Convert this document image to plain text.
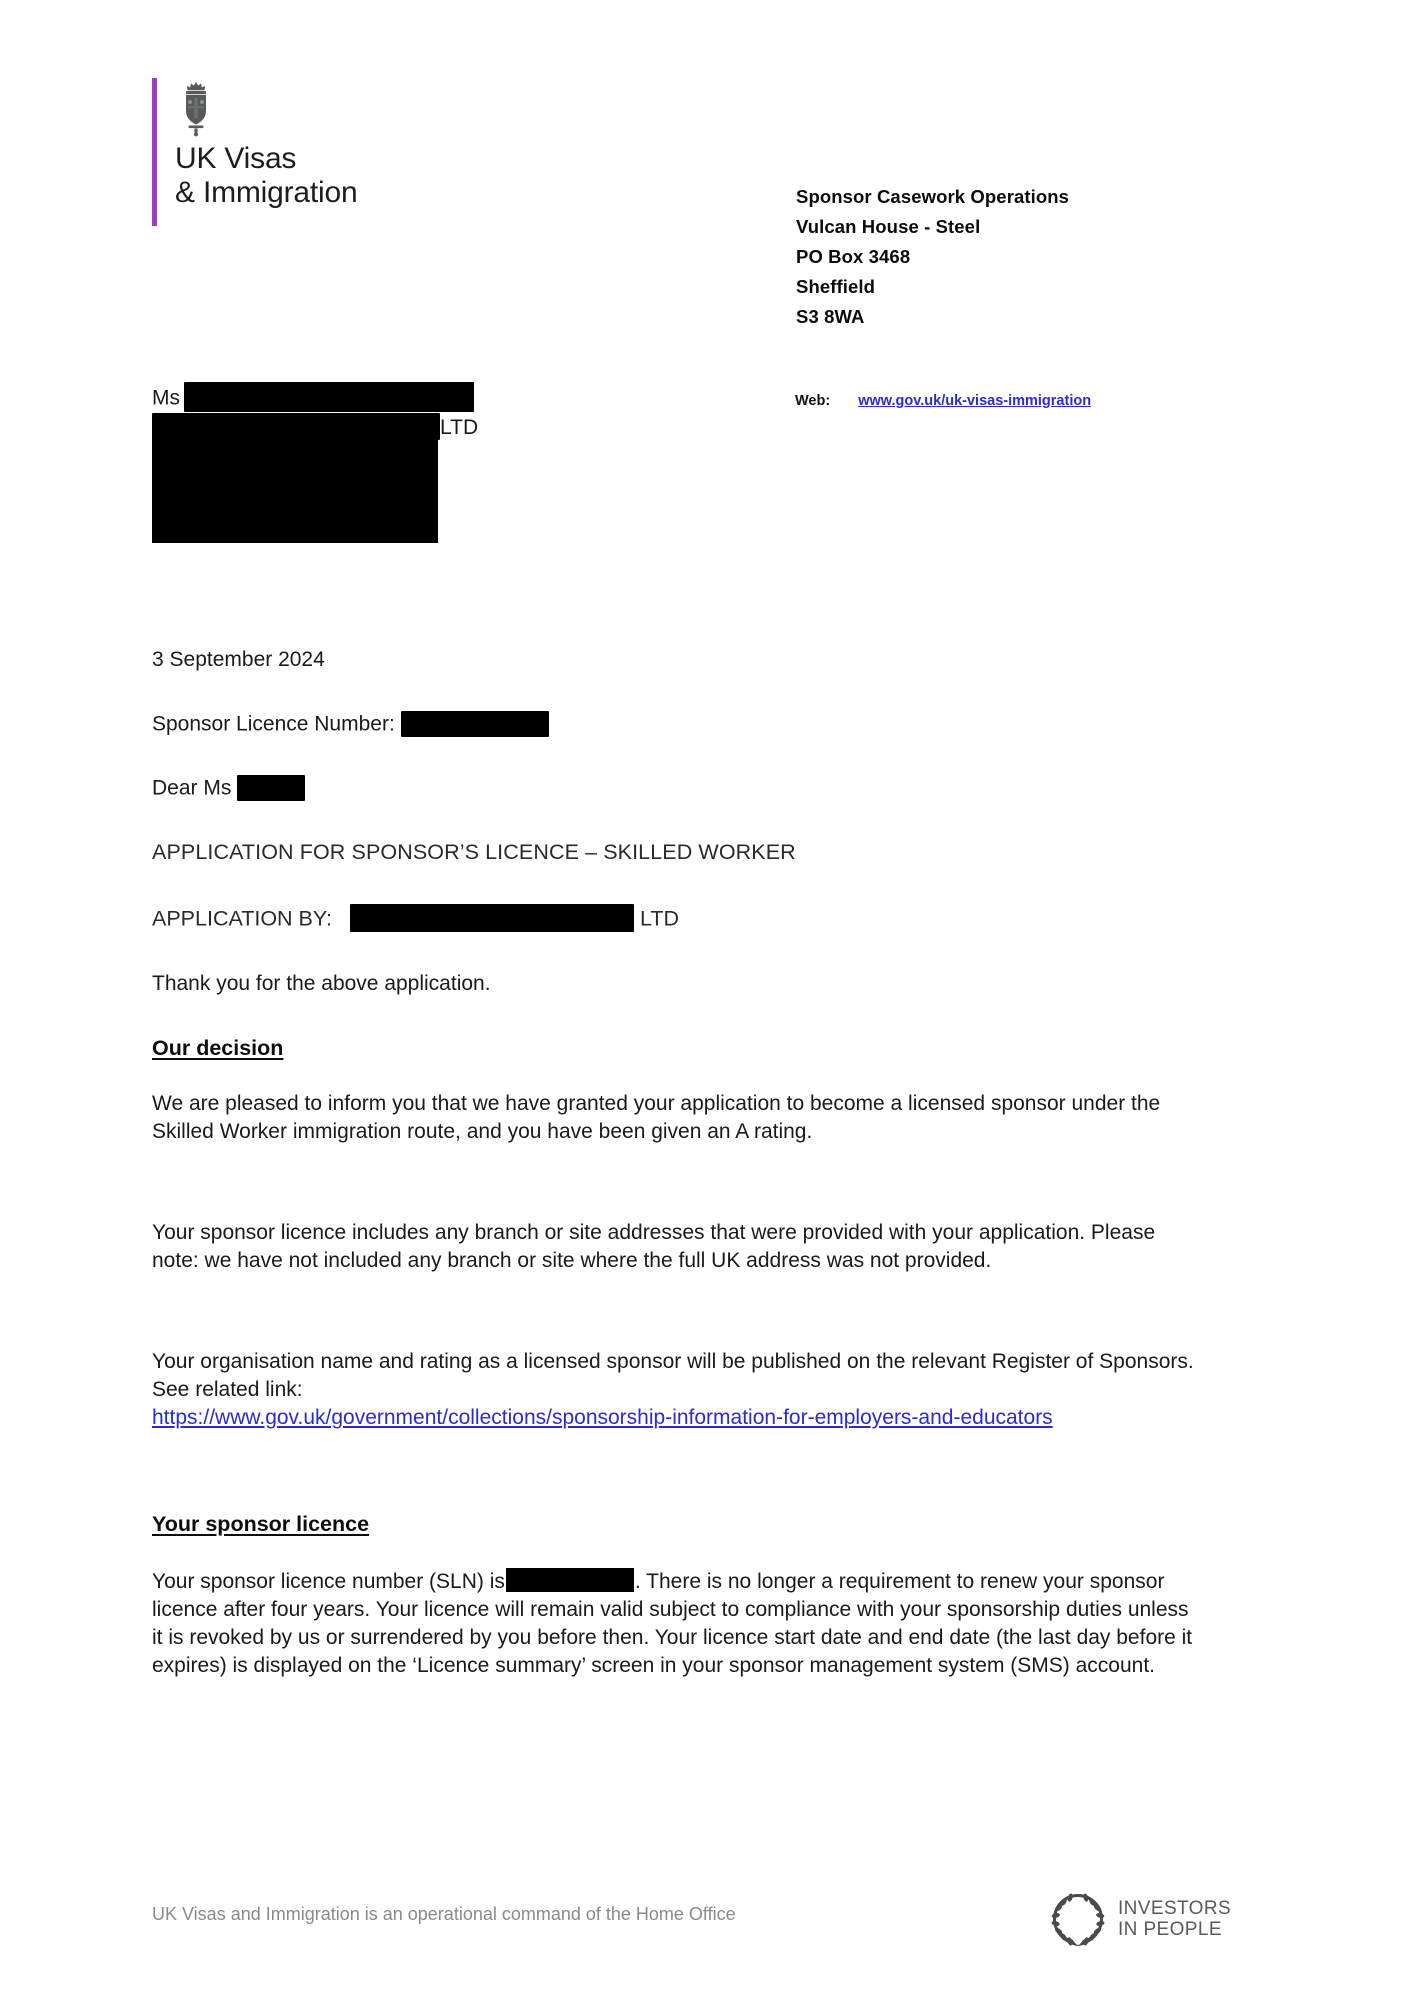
UK Visas
& Immigration	Sponsor Casework Operations
Vulcan House - Steel
PO Box 3468
Sheffield
S3 8WA
Web: www.gov.uk/uk-visas-immigration
Ms
LTD
3 September 2024
Sponsor Licence Number:
Dear Ms
APPLICATION FOR SPONSOR’S LICENCE – SKILLED WORKER
APPLICATION BY:	LTD
Thank you for the above application.
Our decision
We are pleased to inform you that we have granted your application to become a licensed sponsor under the Skilled Worker immigration route, and you have been given an A rating.
Your sponsor licence includes any branch or site addresses that were provided with your application. Please note: we have not included any branch or site where the full UK address was not provided.
Your organisation name and rating as a licensed sponsor will be published on the relevant Register of Sponsors. See related link:
https://www.gov.uk/government/collections/sponsorship-information-for-employers-and-educators
Your sponsor licence
Your sponsor licence number (SLN) is	. There is no longer a requirement to renew your sponsor licence after four years. Your licence will remain valid subject to compliance with your sponsorship duties unless it is revoked by us or surrendered by you before then. Your licence start date and end date (the last day before it expires) is displayed on the ‘Licence summary’ screen in your sponsor management system (SMS) account.
UK Visas and Immigration is an operational command of the Home Office	INVESTORS
IN PEOPLE
